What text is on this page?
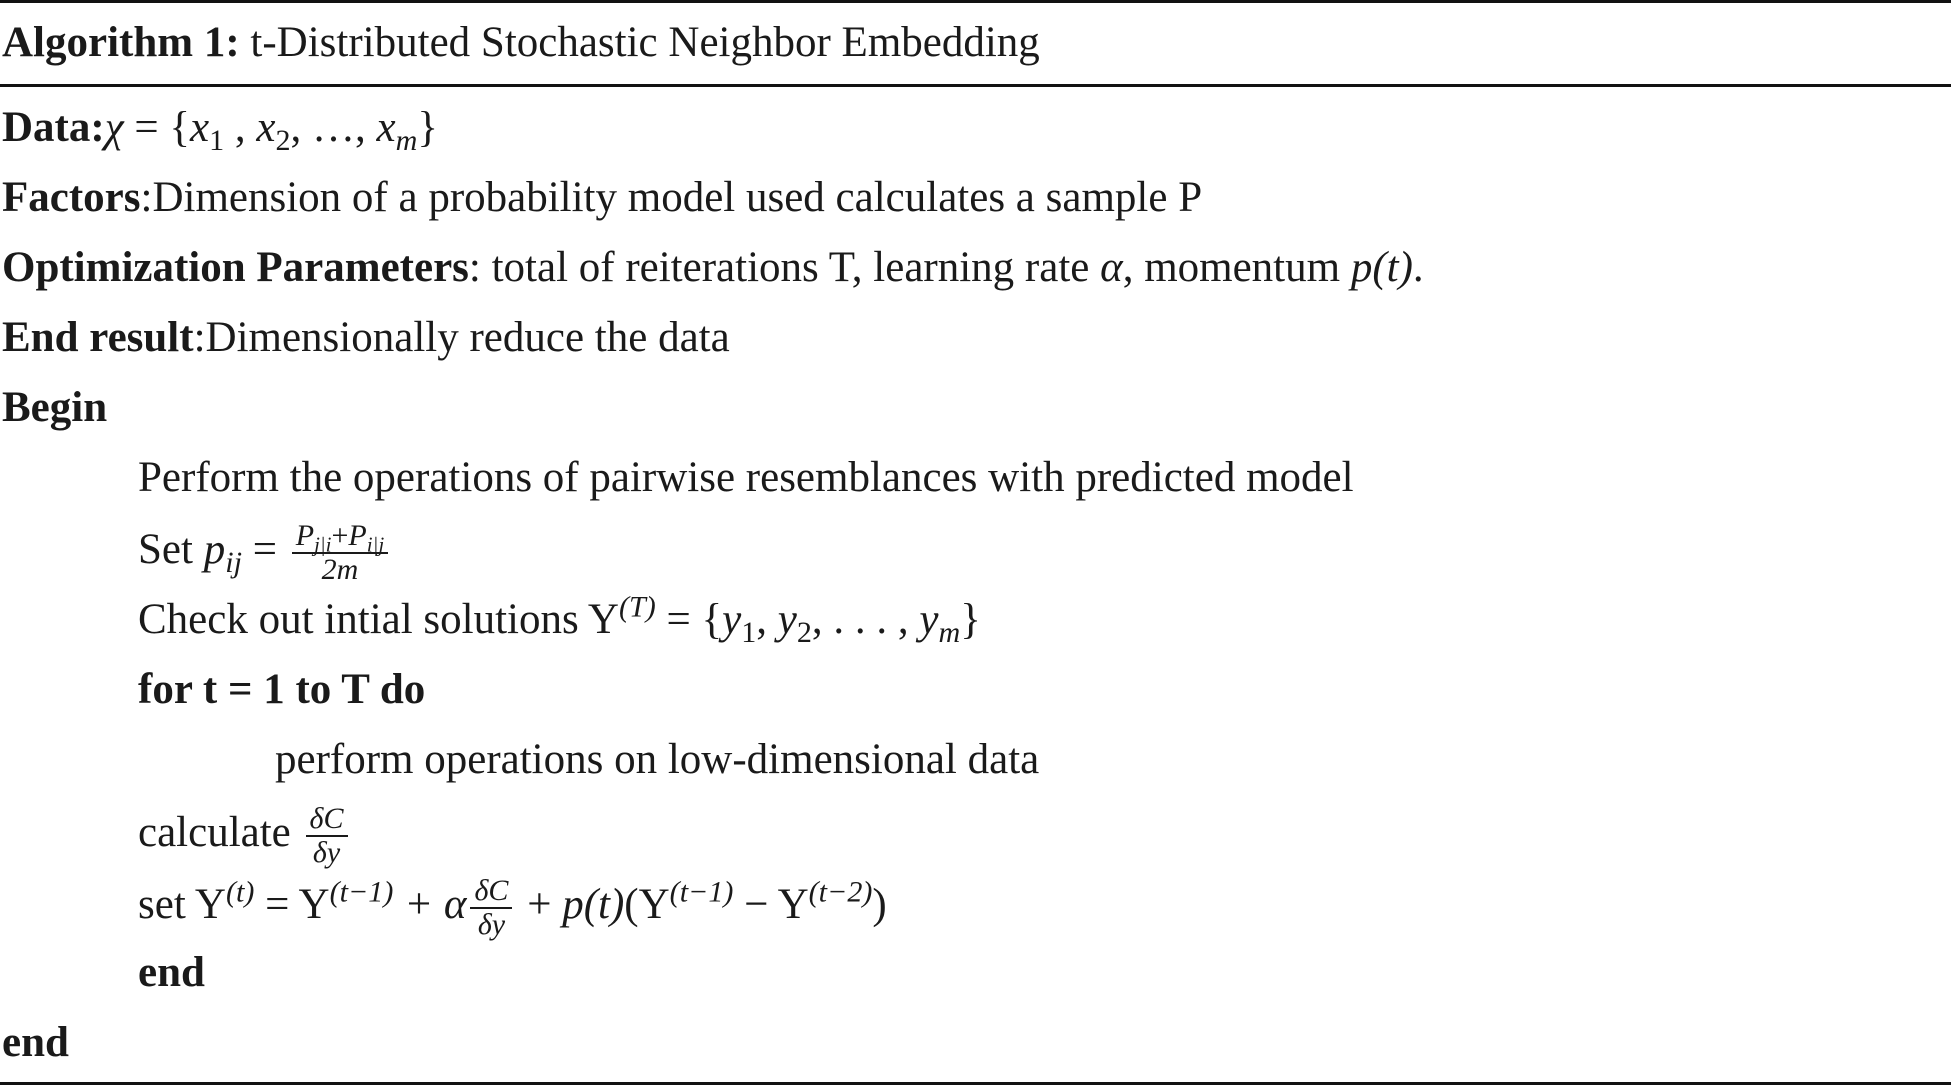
Algorithm 1: t-Distributed Stochastic Neighbor Embedding
Data:χ = {$x_1$ , $x_2$, …, $x_m$}
Factors:Dimension of a probability model used calculates a sample P
Optimization Parameters: total of reiterations T, learning rate α, momentum p(t).
End result:Dimensionally reduce the data
Begin
Perform the operations of pairwise resemblances with predicted model
Set $p_{ij} = \frac{P_{j|i}+P_{i|j}}{2m}$
Check out intial solutions $Y^{(T)} = \{y_1$, $y_2$, . . . , $y_m$}
for t = 1 to T do
perform operations on low-dimensional data
calculate $\frac{\delta C}{\delta y}$
set $Y^{(t)} = Y^{(t-1)} + \alpha \frac{\delta C}{\delta y} + p(t)(Y^{(t-1)} - Y^{(t-2)})$
end
end
